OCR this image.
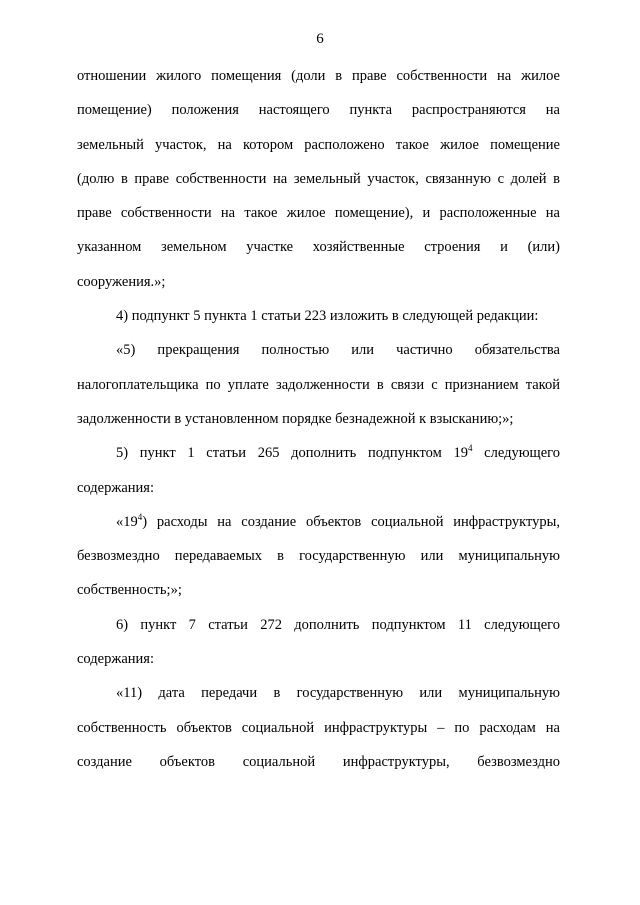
6
отношении жилого помещения (доли в праве собственности на жилое
помещение) положения настоящего пункта распространяются на
земельный участок, на котором расположено такое жилое помещение
(долю в праве собственности на земельный участок, связанную с долей в
праве собственности на такое жилое помещение), и расположенные на
указанном земельном участке хозяйственные строения и (или)
сооружения.»;
4) подпункт 5 пункта 1 статьи 223 изложить в следующей редакции:
«5) прекращения полностью или частично обязательства
налогоплательщика по уплате задолженности в связи с признанием такой
задолженности в установленном порядке безнадежной к взысканию;»;
5) пункт 1 статьи 265 дополнить подпунктом $19^4$ следующего
содержания:
«$19^4$) расходы на создание объектов социальной инфраструктуры,
безвозмездно передаваемых в государственную или муниципальную
собственность;»;
6) пункт 7 статьи 272 дополнить подпунктом 11 следующего
содержания:
«11) дата передачи в государственную или муниципальную
собственность объектов социальной инфраструктуры – по расходам на
создание объектов социальной инфраструктуры, безвозмездно
